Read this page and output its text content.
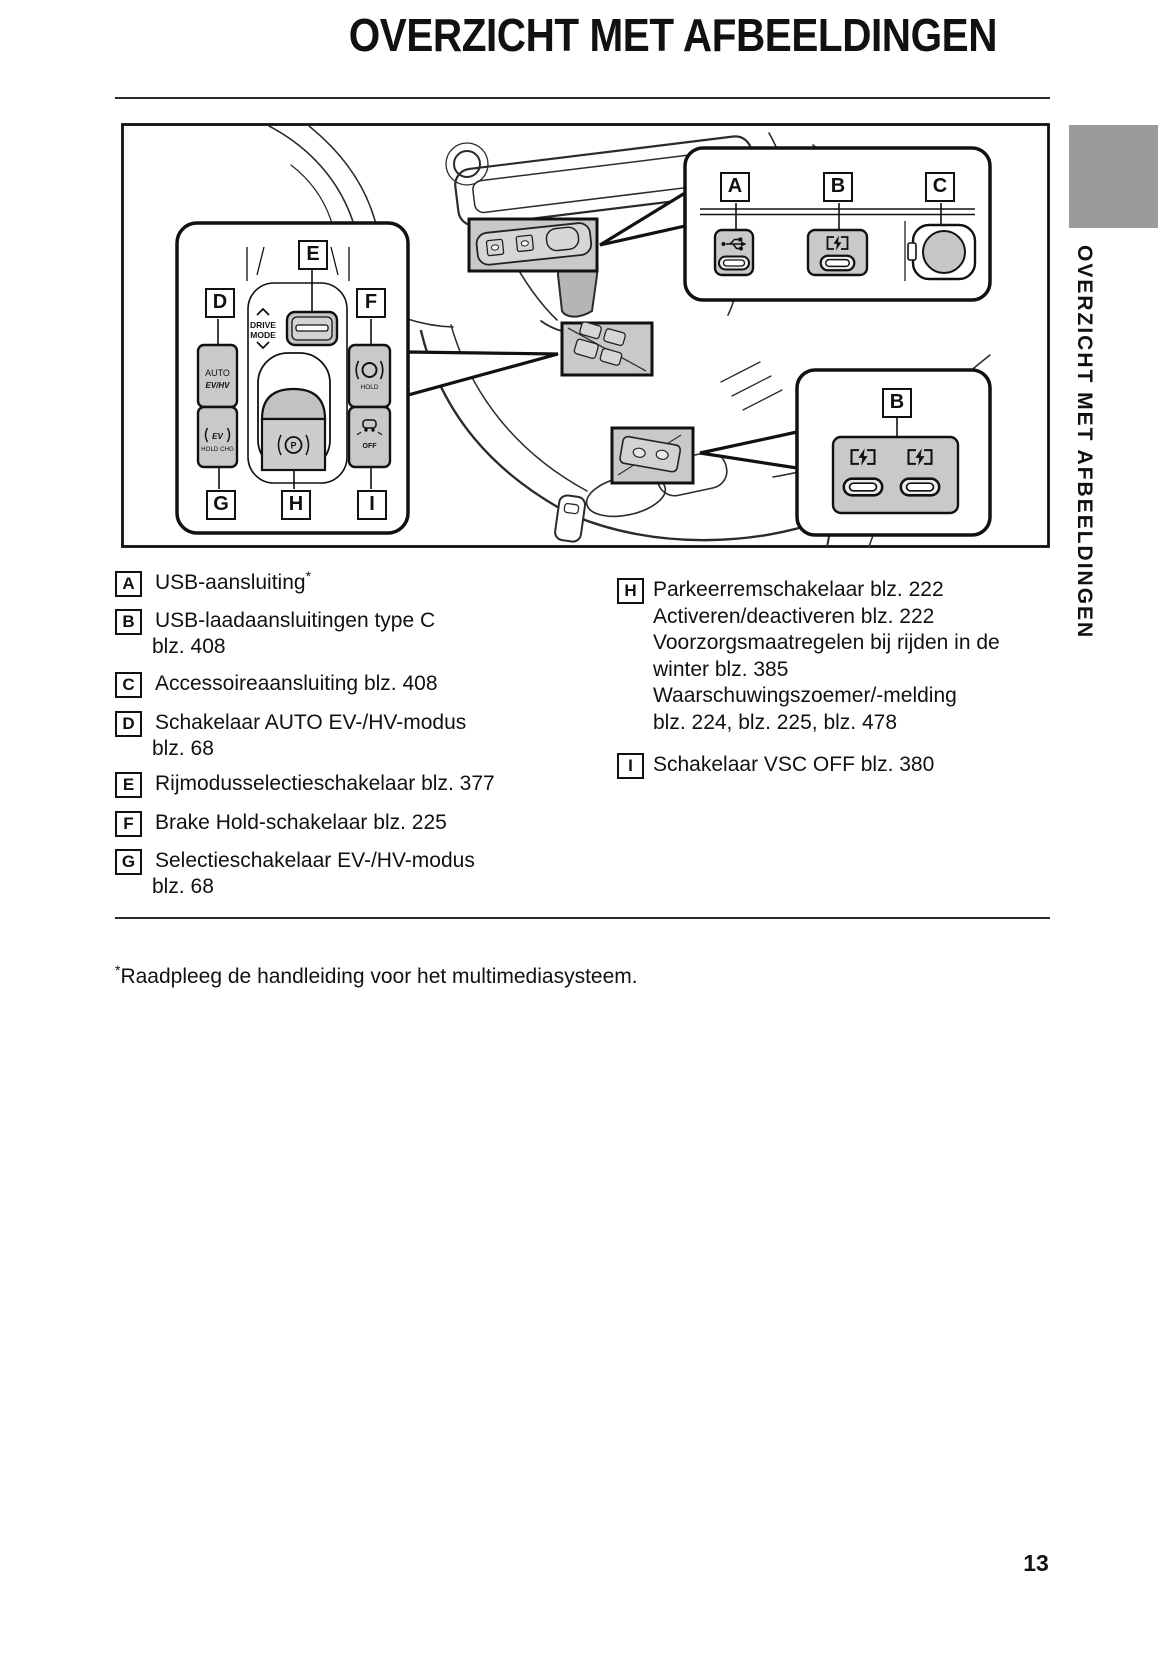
OVERZICHT MET AFBEELDINGEN
DRIVE
MODE
AUTO
EV/HV
EV
HOLD CHG
HOLD
OFF
P
A	B	C
E
D	F
B
G	H	I
A USB-aansluiting*
B USB-laadaansluitingen type C
blz. 408
C Accessoireaansluiting blz. 408
D Schakelaar AUTO EV-/HV-modus
blz. 68
E Rijmodusselectieschakelaar blz. 377
F	Brake Hold-schakelaar blz. 225
G Selectieschakelaar EV-/HV-modus
blz. 68
H Parkeerremschakelaar blz. 222
Activeren/deactiveren blz. 222
Voorzorgsmaatregelen bij rijden in de
winter blz. 385
Waarschuwingszoemer/-melding
blz. 224, blz. 225, blz. 478
I Schakelaar VSC OFF blz. 380
*Raadpleeg de handleiding voor het multimediasysteem.
OVERZICHT MET AFBEELDINGEN
13
